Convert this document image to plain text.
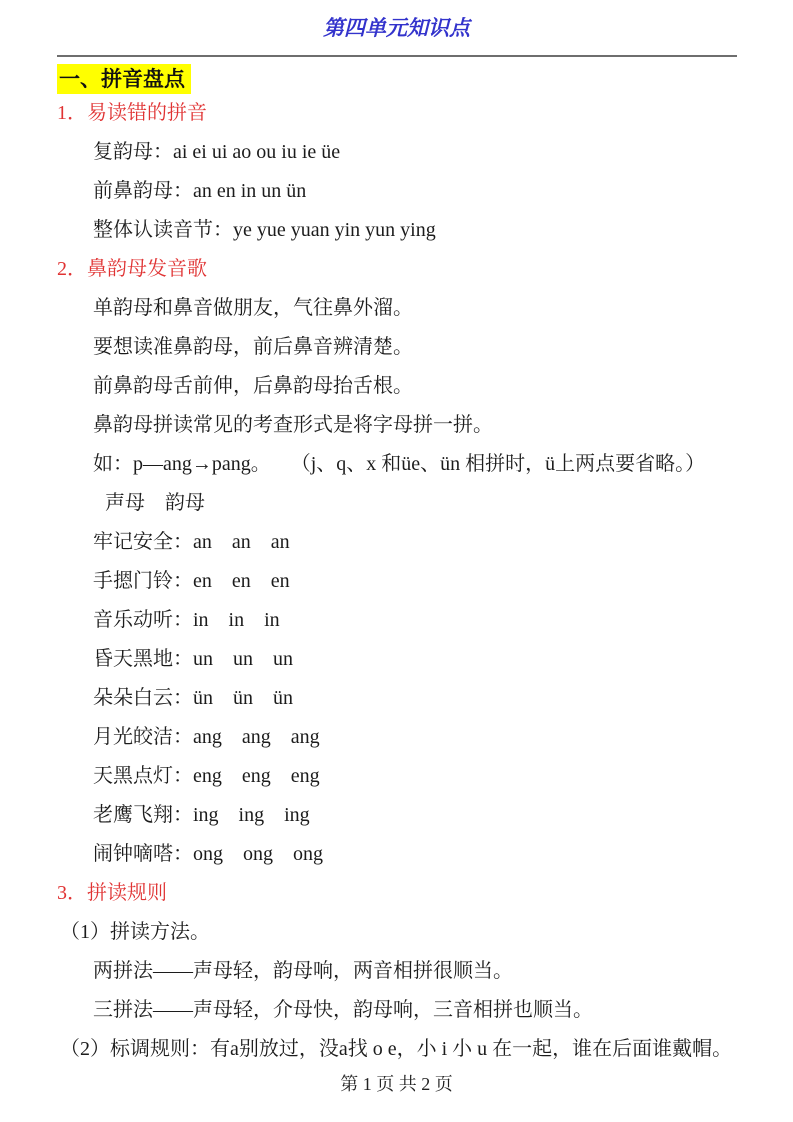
第四单元知识点
一、拼音盘点

1．易读错的拼音

复韵母：ai ei ui ao ou iu ie üe

前鼻韵母：an en in un ün

整体认读音节：ye yue yuan yin yun ying

2．鼻韵母发音歌

单韵母和鼻音做朋友，气往鼻外溜。

要想读准鼻韵母，前后鼻音辨清楚。

前鼻韵母舌前伸，后鼻韵母抬舌根。

鼻韵母拼读常见的考查形式是将字母拼一拼。

如：p—ang→pang。　　（j、q、x 和üe、ün 相拼时，ü上两点要省略。）

声母　韵母

牢记安全：an　an　an

手摁门铃：en　en　en

音乐动听：in　in　in

昏天黑地：un　un　un

朵朵白云：ün　ün　ün

月光皎洁：ang　ang　ang

天黑点灯：eng　eng　eng

老鹰飞翔：ing　ing　ing

闹钟嘀嗒：ong　ong　ong

3．拼读规则

（1）拼读方法。

两拼法——声母轻，韵母响，两音相拼很顺当。

三拼法——声母轻，介母快，韵母响，三音相拼也顺当。

（2）标调规则：有a别放过，没a找 o e，小 i 小 u 在一起，谁在后面谁戴帽。

第 1 页 共 2 页
